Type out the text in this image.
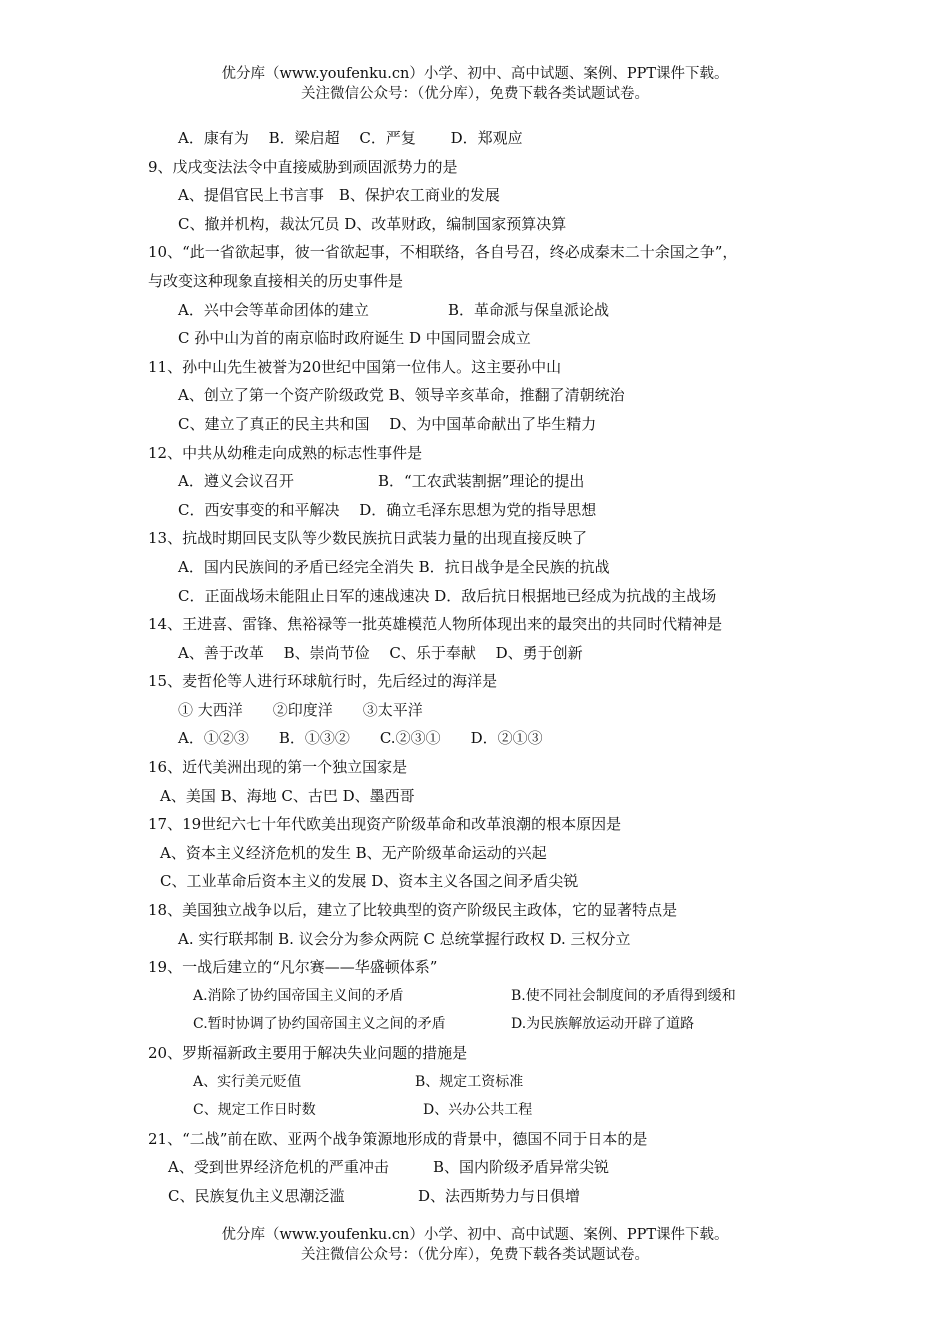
优分库（www.youfenku.cn）小学、初中、高中试题、案例、PPT课件下载。
关注微信公众号：（优分库），免费下载各类试题试卷。
A．康有为　 B．梁启超　 C．严复　　 D．郑观应
9、戊戌变法法令中直接威胁到顽固派势力的是
A、提倡官民上书言事　B、保护农工商业的发展
C、撤并机构，裁汰冗员 D、改革财政，编制国家预算决算
10、“此一省欲起事，彼一省欲起事，不相联络，各自号召，终必成秦末二十余国之争”，
与改变这种现象直接相关的历史事件是
A．兴中会等革命团体的建立	B．革命派与保皇派论战
C 孙中山为首的南京临时政府诞生 D 中国同盟会成立
11、孙中山先生被誉为20世纪中国第一位伟人。这主要孙中山
A、创立了第一个资产阶级政党 B、领导辛亥革命，推翻了清朝统治
C、建立了真正的民主共和国　 D、为中国革命献出了毕生精力
12、中共从幼稚走向成熟的标志性事件是
A．遵义会议召开	B．“工农武装割据”理论的提出
C．西安事变的和平解决　 D．确立毛泽东思想为党的指导思想
13、抗战时期回民支队等少数民族抗日武装力量的出现直接反映了
A．国内民族间的矛盾已经完全消失 B．抗日战争是全民族的抗战
C．正面战场未能阻止日军的速战速决 D．敌后抗日根据地已经成为抗战的主战场
14、王进喜、雷锋、焦裕禄等一批英雄模范人物所体现出来的最突出的共同时代精神是
A、善于改革　 B、崇尚节俭　 C、乐于奉献　 D、勇于创新
15、麦哲伦等人进行环球航行时，先后经过的海洋是
① 大西洋　　②印度洋　　③太平洋
A．①②③　　B．①③②　　C.②③①　　D．②①③
16、近代美洲出现的第一个独立国家是
A、美国 B、海地 C、古巴 D、墨西哥
17、19世纪六七十年代欧美出现资产阶级革命和改革浪潮的根本原因是
A、资本主义经济危机的发生 B、无产阶级革命运动的兴起
C、工业革命后资本主义的发展 D、资本主义各国之间矛盾尖锐
18、美国独立战争以后，建立了比较典型的资产阶级民主政体，它的显著特点是
A. 实行联邦制 B. 议会分为参众两院 C 总统掌握行政权 D. 三权分立
19、一战后建立的“凡尔赛——华盛顿体系”
A.消除了协约国帝国主义间的矛盾	B.使不同社会制度间的矛盾得到缓和
C.暂时协调了协约国帝国主义之间的矛盾	D.为民族解放运动开辟了道路
20、罗斯福新政主要用于解决失业问题的措施是
A、实行美元贬值	B、规定工资标准
C、规定工作日时数	D、兴办公共工程
21、“二战”前在欧、亚两个战争策源地形成的背景中，德国不同于日本的是
A、受到世界经济危机的严重冲击	B、国内阶级矛盾异常尖锐
C、民族复仇主义思潮泛滥	D、法西斯势力与日俱增
优分库（www.youfenku.cn）小学、初中、高中试题、案例、PPT课件下载。
关注微信公众号：（优分库），免费下载各类试题试卷。
